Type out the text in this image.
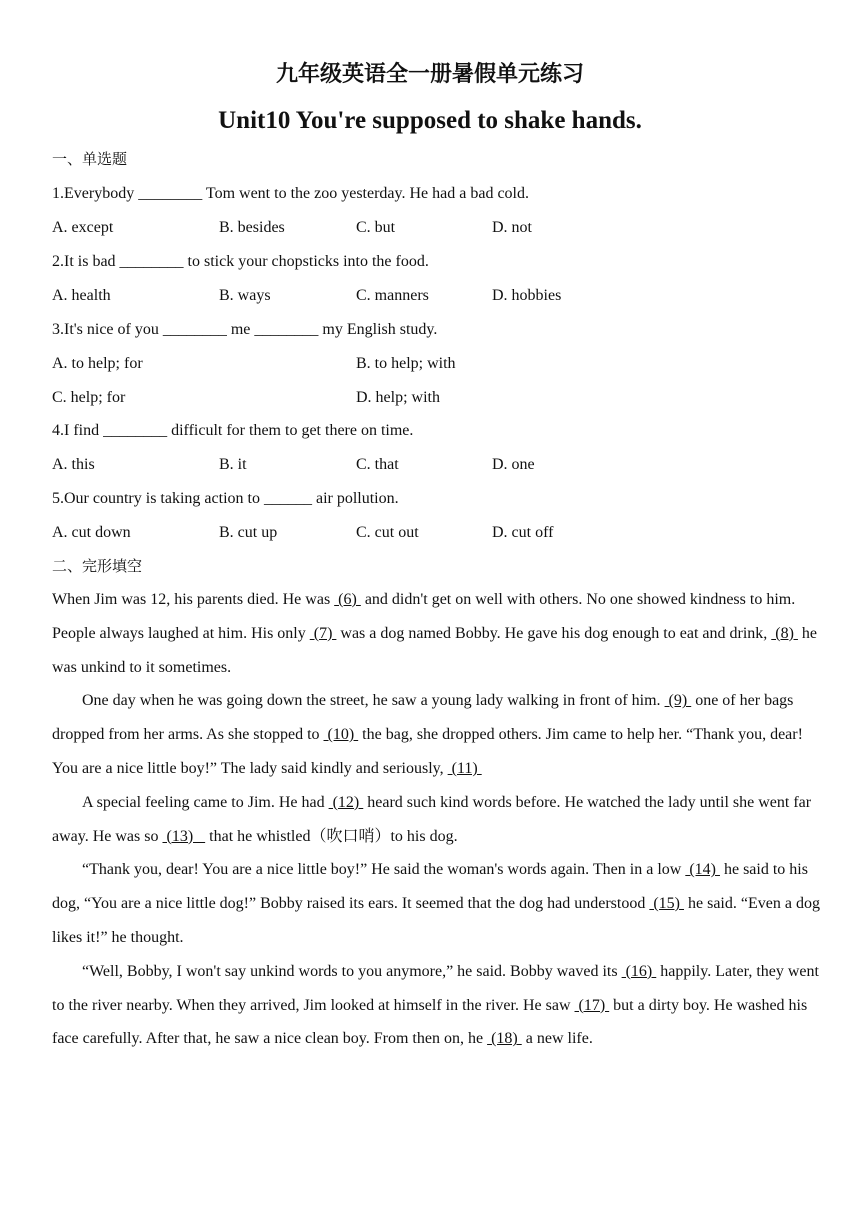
九年级英语全一册暑假单元练习
Unit10 You're supposed to shake hands.
一、单选题
1.Everybody ________ Tom went to the zoo yesterday. He had a bad cold.
A. except	B. besides	C. but	D. not
2.It is bad ________ to stick your chopsticks into the food.
A. health	B. ways	C. manners	D. hobbies
3.It's nice of you ________ me ________ my English study.
A. to help; for	B. to help; with
C. help; for	D. help; with
4.I find ________ difficult for them to get there on time.
A. this	B. it	C. that	D. one
5.Our country is taking action to ______ air pollution.
A. cut down	B. cut up	C. cut out	D. cut off
二、完形填空

When Jim was 12, his parents died. He was  (6)  and didn't get on well with others. No one showed kindness to him. People always laughed at him. His only  (7)  was a dog named Bobby. He gave his dog enough to eat and drink,  (8)  he was unkind to it sometimes.

One day when he was going down the street, he saw a young lady walking in front of him.  (9)  one of her bags dropped from her arms. As she stopped to  (10)  the bag, she dropped others. Jim came to help her. “Thank you, dear! You are a nice little boy!” The lady said kindly and seriously,  (11)

A special feeling came to Jim. He had  (12)  heard such kind words before. He watched the lady until she went far away. He was so  (13)    that he whistled（吹口哨）to his dog.

“Thank you, dear! You are a nice little boy!” He said the woman's words again. Then in a low  (14)  he said to his dog, “You are a nice little dog!” Bobby raised its ears. It seemed that the dog had understood  (15)  he said. “Even a dog likes it!” he thought.

“Well, Bobby, I won't say unkind words to you anymore,” he said. Bobby waved its  (16)  happily. Later, they went to the river nearby. When they arrived, Jim looked at himself in the river. He saw  (17)  but a dirty boy. He washed his face carefully. After that, he saw a nice clean boy. From then on, he  (18)  a new life.
